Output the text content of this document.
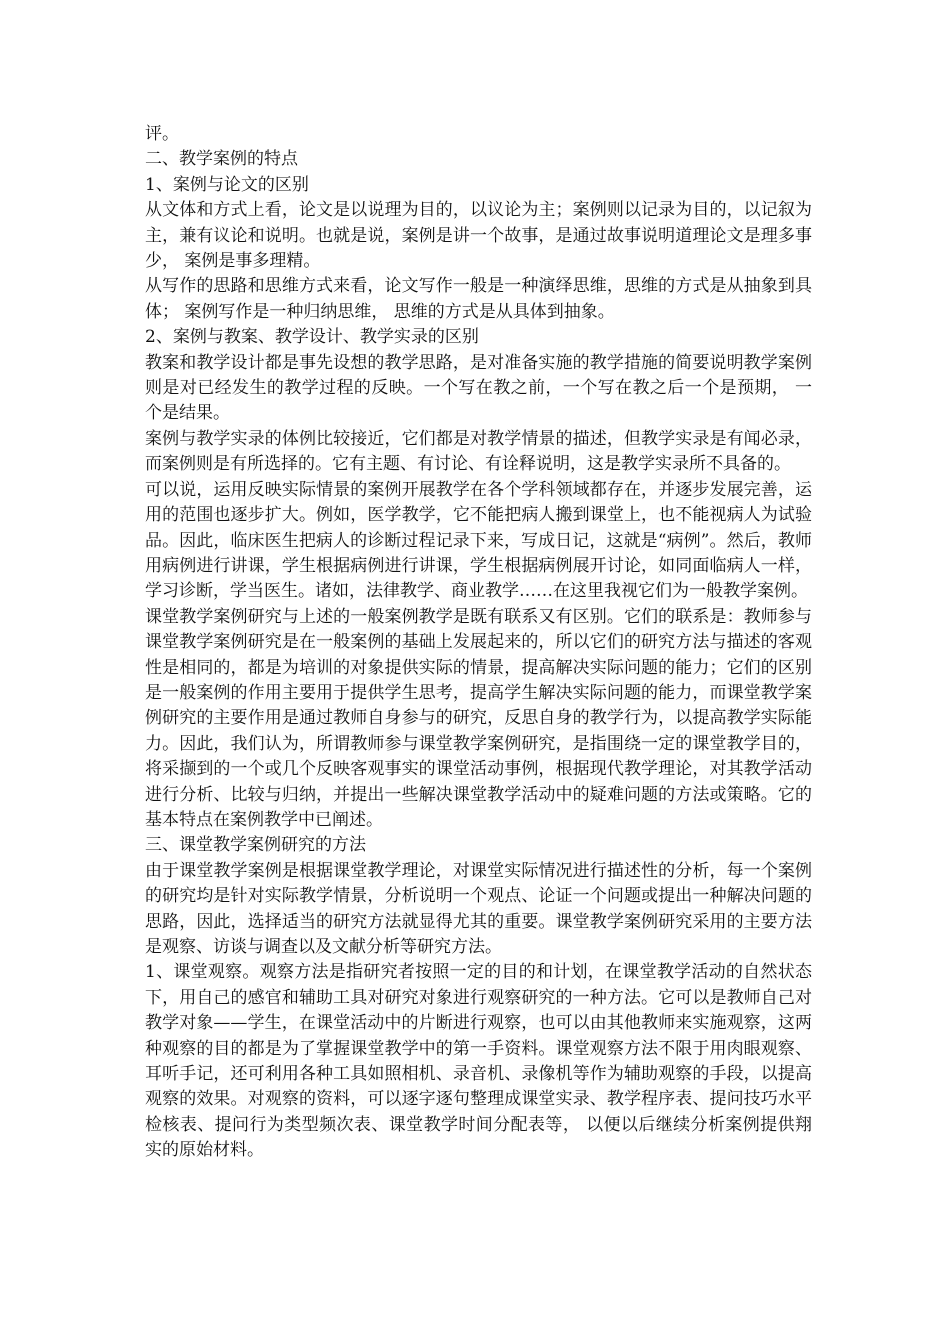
评。

二、教学案例的特点

1、案例与论文的区别

从文体和方式上看，论文是以说理为目的，以议论为主；案例则以记录为目的，以记叙为主，兼有议论和说明。也就是说，案例是讲一个故事，是通过故事说明道理论文是理多事少， 案例是事多理精。

从写作的思路和思维方式来看，论文写作一般是一种演绎思维，思维的方式是从抽象到具体； 案例写作是一种归纳思维， 思维的方式是从具体到抽象。

2、案例与教案、教学设计、教学实录的区别

教案和教学设计都是事先设想的教学思路，是对准备实施的教学措施的简要说明教学案例则是对已经发生的教学过程的反映。一个写在教之前，一个写在教之后一个是预期， 一个是结果。

案例与教学实录的体例比较接近，它们都是对教学情景的描述，但教学实录是有闻必录，而案例则是有所选择的。它有主题、有讨论、有诠释说明，这是教学实录所不具备的。

可以说，运用反映实际情景的案例开展教学在各个学科领域都存在，并逐步发展完善，运用的范围也逐步扩大。例如，医学教学，它不能把病人搬到课堂上，也不能视病人为试验品。因此，临床医生把病人的诊断过程记录下来，写成日记，这就是“病例”。然后，教师用病例进行讲课，学生根据病例进行讲课，学生根据病例展开讨论，如同面临病人一样，学习诊断，学当医生。诸如，法律教学、商业教学……在这里我视它们为一般教学案例。

课堂教学案例研究与上述的一般案例教学是既有联系又有区别。它们的联系是：教师参与课堂教学案例研究是在一般案例的基础上发展起来的，所以它们的研究方法与描述的客观性是相同的，都是为培训的对象提供实际的情景，提高解决实际问题的能力；它们的区别是一般案例的作用主要用于提供学生思考，提高学生解决实际问题的能力，而课堂教学案例研究的主要作用是通过教师自身参与的研究，反思自身的教学行为，以提高教学实际能力。因此，我们认为，所谓教师参与课堂教学案例研究，是指围绕一定的课堂教学目的，将采撷到的一个或几个反映客观事实的课堂活动事例，根据现代教学理论，对其教学活动进行分析、比较与归纳，并提出一些解决课堂教学活动中的疑难问题的方法或策略。它的基本特点在案例教学中已阐述。

三、课堂教学案例研究的方法

由于课堂教学案例是根据课堂教学理论，对课堂实际情况进行描述性的分析，每一个案例的研究均是针对实际教学情景，分析说明一个观点、论证一个问题或提出一种解决问题的思路，因此，选择适当的研究方法就显得尤其的重要。课堂教学案例研究采用的主要方法是观察、访谈与调查以及文献分析等研究方法。

1、课堂观察。观察方法是指研究者按照一定的目的和计划，在课堂教学活动的自然状态下，用自己的感官和辅助工具对研究对象进行观察研究的一种方法。它可以是教师自己对教学对象——学生，在课堂活动中的片断进行观察，也可以由其他教师来实施观察，这两种观察的目的都是为了掌握课堂教学中的第一手资料。课堂观察方法不限于用肉眼观察、耳听手记，还可利用各种工具如照相机、录音机、录像机等作为辅助观察的手段，以提高观察的效果。对观察的资料，可以逐字逐句整理成课堂实录、教学程序表、提问技巧水平检核表、提问行为类型频次表、课堂教学时间分配表等， 以便以后继续分析案例提供翔实的原始材料。
